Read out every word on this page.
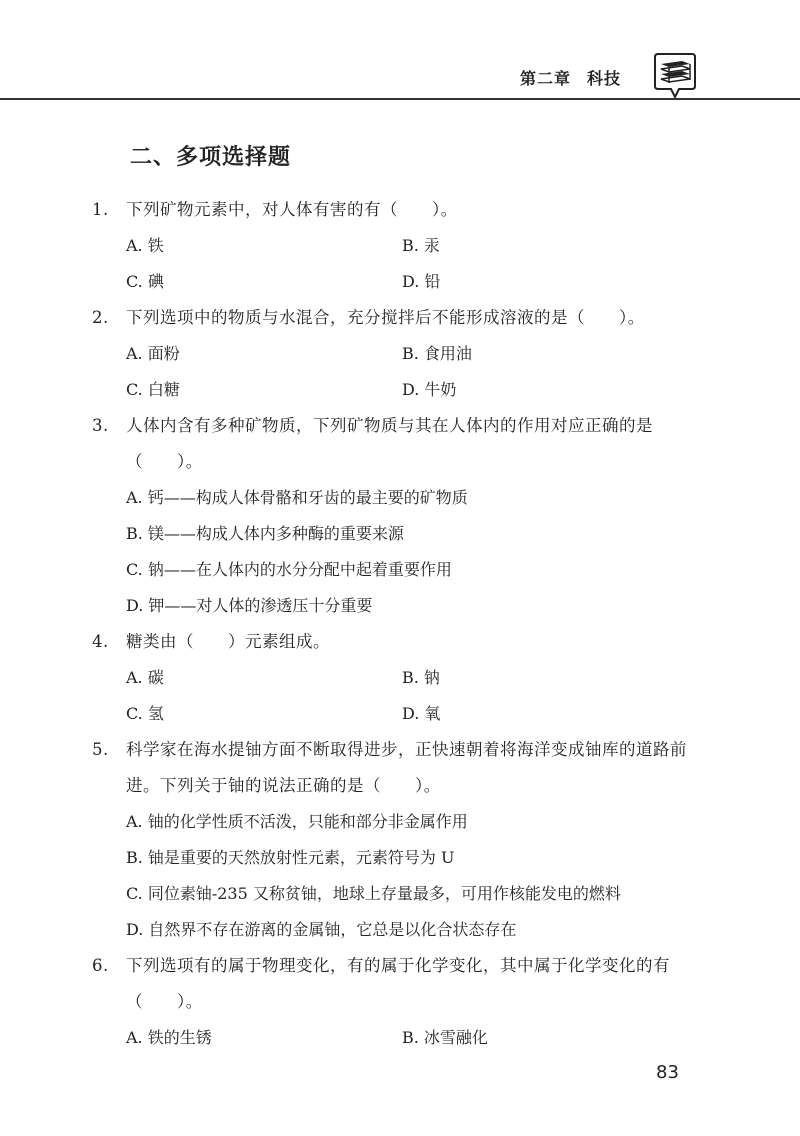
第二章 科技
二、多项选择题
1. 下列矿物元素中，对人体有害的有（　　）。
A. 铁	B. 汞
C. 碘	D. 铅
2. 下列选项中的物质与水混合，充分搅拌后不能形成溶液的是（　　）。
A. 面粉	B. 食用油
C. 白糖	D. 牛奶
3. 人体内含有多种矿物质，下列矿物质与其在人体内的作用对应正确的是（　　）。
A. 钙——构成人体骨骼和牙齿的最主要的矿物质
B. 镁——构成人体内多种酶的重要来源
C. 钠——在人体内的水分分配中起着重要作用
D. 钾——对人体的渗透压十分重要
4. 糖类由（　　）元素组成。
A. 碳	B. 钠
C. 氢	D. 氧
5. 科学家在海水提铀方面不断取得进步，正快速朝着将海洋变成铀库的道路前进。下列关于铀的说法正确的是（　　）。
A. 铀的化学性质不活泼，只能和部分非金属作用
B. 铀是重要的天然放射性元素，元素符号为 U
C. 同位素铀-235 又称贫铀，地球上存量最多，可用作核能发电的燃料
D. 自然界不存在游离的金属铀，它总是以化合状态存在
6. 下列选项有的属于物理变化，有的属于化学变化，其中属于化学变化的有（　　）。
A. 铁的生锈	B. 冰雪融化
83
